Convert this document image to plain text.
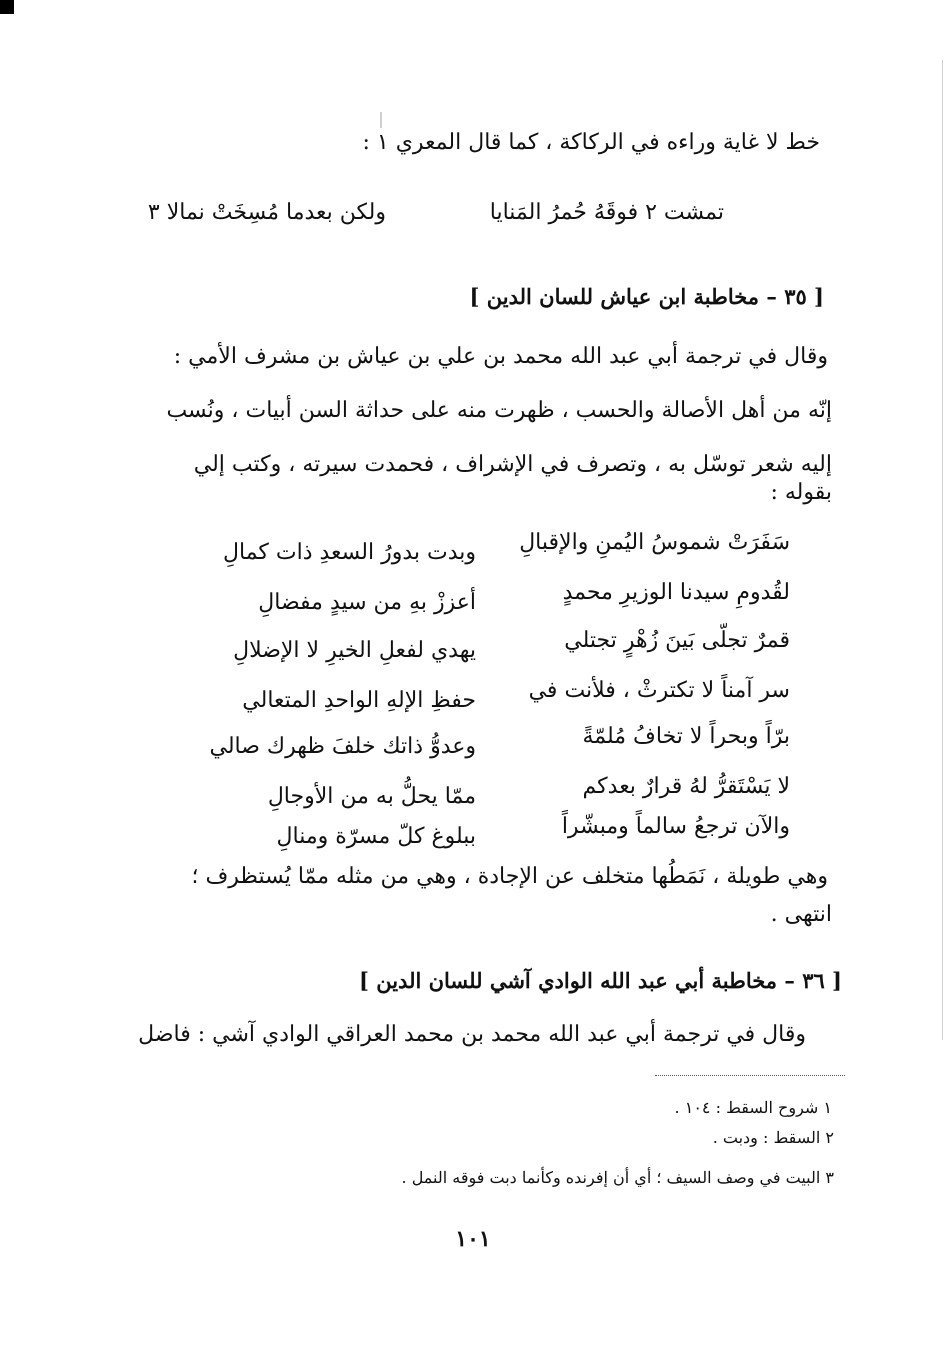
خط لا غاية وراءه في الركاكة ، كما قال المعري ١ :
تمشت ٢ فوقَهُ حُمرُ المَنايا
ولكن بعدما مُسِخَتْ نمالا ٣
[ ٣٥ – مخاطبة ابن عياش للسان الدين ]
وقال في ترجمة أبي عبد الله محمد بن علي بن عياش بن مشرف الأمي :
إنّه من أهل الأصالة والحسب ، ظهرت منه على حداثة السن أبيات ، ونُسب
إليه شعر توسّل به ، وتصرف في الإشراف ، فحمدت سيرته ، وكتب إلي
بقوله :
سَفَرَتْ شموسُ اليُمنِ والإقبالِ
وبدت بدورُ السعدِ ذات كمالِ
لقُدومِ سيدنا الوزيرِ محمدٍ
أعززْ بهِ من سيدٍ مفضالِ
قمرٌ تجلّى بَينَ زُهْرٍ تجتلي
يهدي لفعلِ الخيرِ لا الإضلالِ
سر آمناً لا تكترثْ ، فلأنت في
حفظِ الإلهِ الواحدِ المتعالي
برّاً وبحراً لا تخافُ مُلمّةً
وعدوُّ ذاتك خلفَ ظهرك صالي
لا يَسْتَقرُّ لهُ قرارٌ بعدكم
ممّا يحلُّ به من الأوجالِ
والآن ترجعُ سالماً ومبشّراً
ببلوغ كلّ مسرّة ومنالِ
وهي طويلة ، نَمَطُها متخلف عن الإجادة ، وهي من مثله ممّا يُستظرف ؛
انتهى .
[ ٣٦ – مخاطبة أبي عبد الله الوادي آشي للسان الدين ]
وقال في ترجمة أبي عبد الله محمد بن محمد العراقي الوادي آشي : فاضل
١ شروح السقط : ١٠٤ .
٢ السقط : ودبت .
٣ البيت في وصف السيف ؛ أي أن إفرنده وكأنما دبت فوقه النمل .
١٠١
